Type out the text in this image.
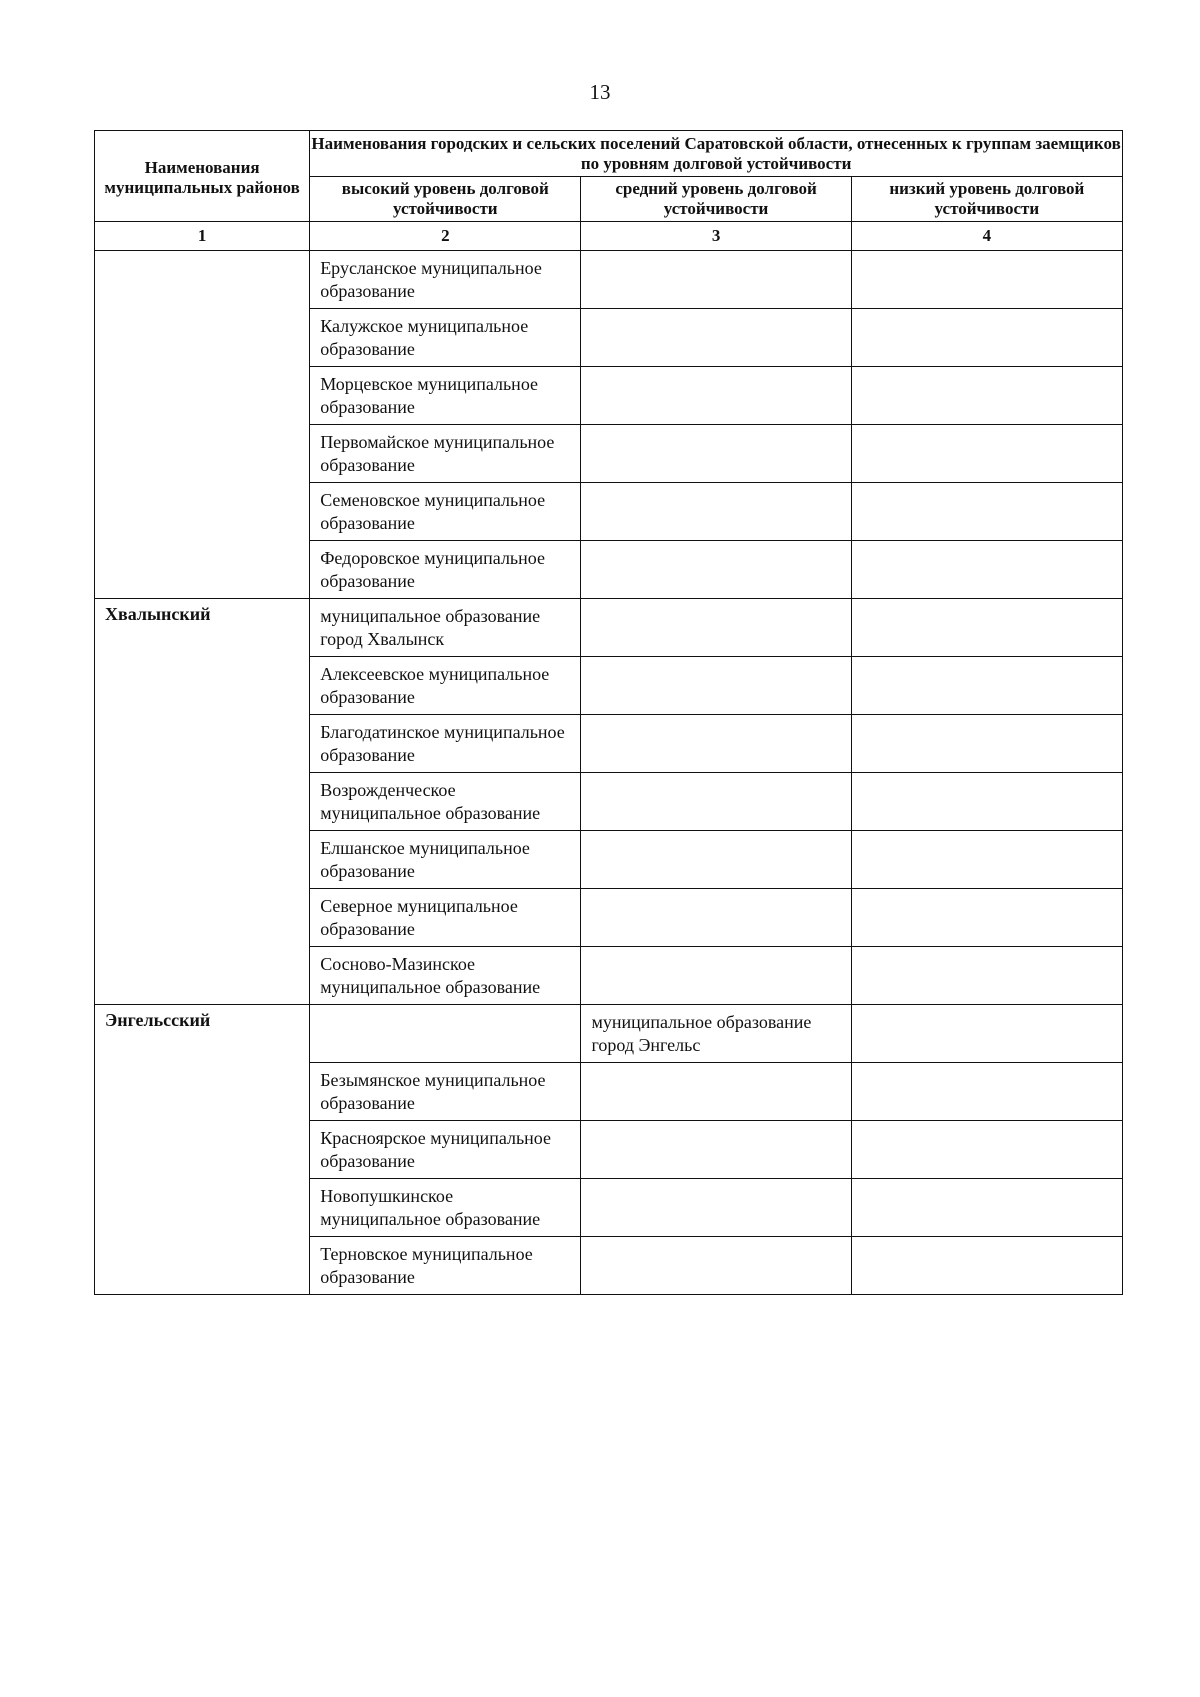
13
Наименования муниципальных районов	Наименования городских и сельских поселений Саратовской области, отнесенных к группам заемщиков по уровням долговой устойчивости		
	высокий уровень долговой устойчивости	средний уровень долговой устойчивости	низкий уровень долговой устойчивости
1	2	3	4
	Ерусланское муниципальное образование		
	Калужское муниципальное образование		
	Морцевское муниципальное образование		
	Первомайское муниципальное образование		
	Семеновское муниципальное образование		
	Федоровское муниципальное образование		
Хвалынский	муниципальное образование город Хвалынск		
	Алексеевское муниципальное образование		
	Благодатинское муниципальное образование		
	Возрожденческое муниципальное образование		
	Елшанское муниципальное образование		
	Северное муниципальное образование		
	Сосново-Мазинское муниципальное образование		
Энгельсский		муниципальное образование город Энгельс	
	Безымянское муниципальное образование		
	Красноярское муниципальное образование		
	Новопушкинское муниципальное образование		
	Терновское муниципальное образование		
